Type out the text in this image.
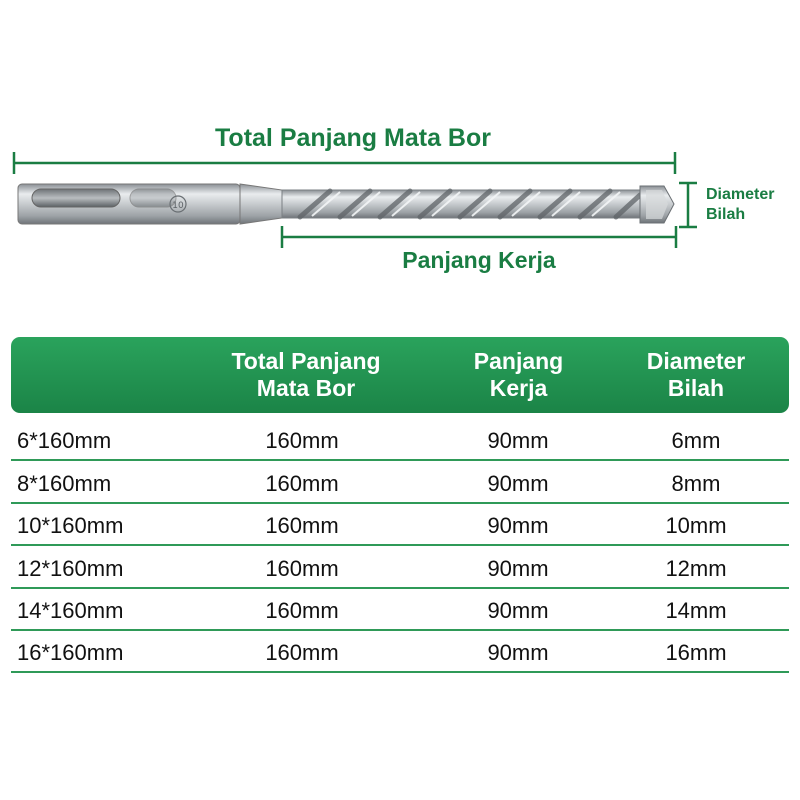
Total Panjang Mata Bor
Panjang Kerja
Diameter
Bilah
10
Total Panjang
Mata Bor
Panjang
Kerja
Diameter
Bilah
6*160mm	160mm	90mm	6mm
8*160mm	160mm	90mm	8mm
10*160mm	160mm	90mm	10mm
12*160mm	160mm	90mm	12mm
14*160mm	160mm	90mm	14mm
16*160mm	160mm	90mm	16mm
